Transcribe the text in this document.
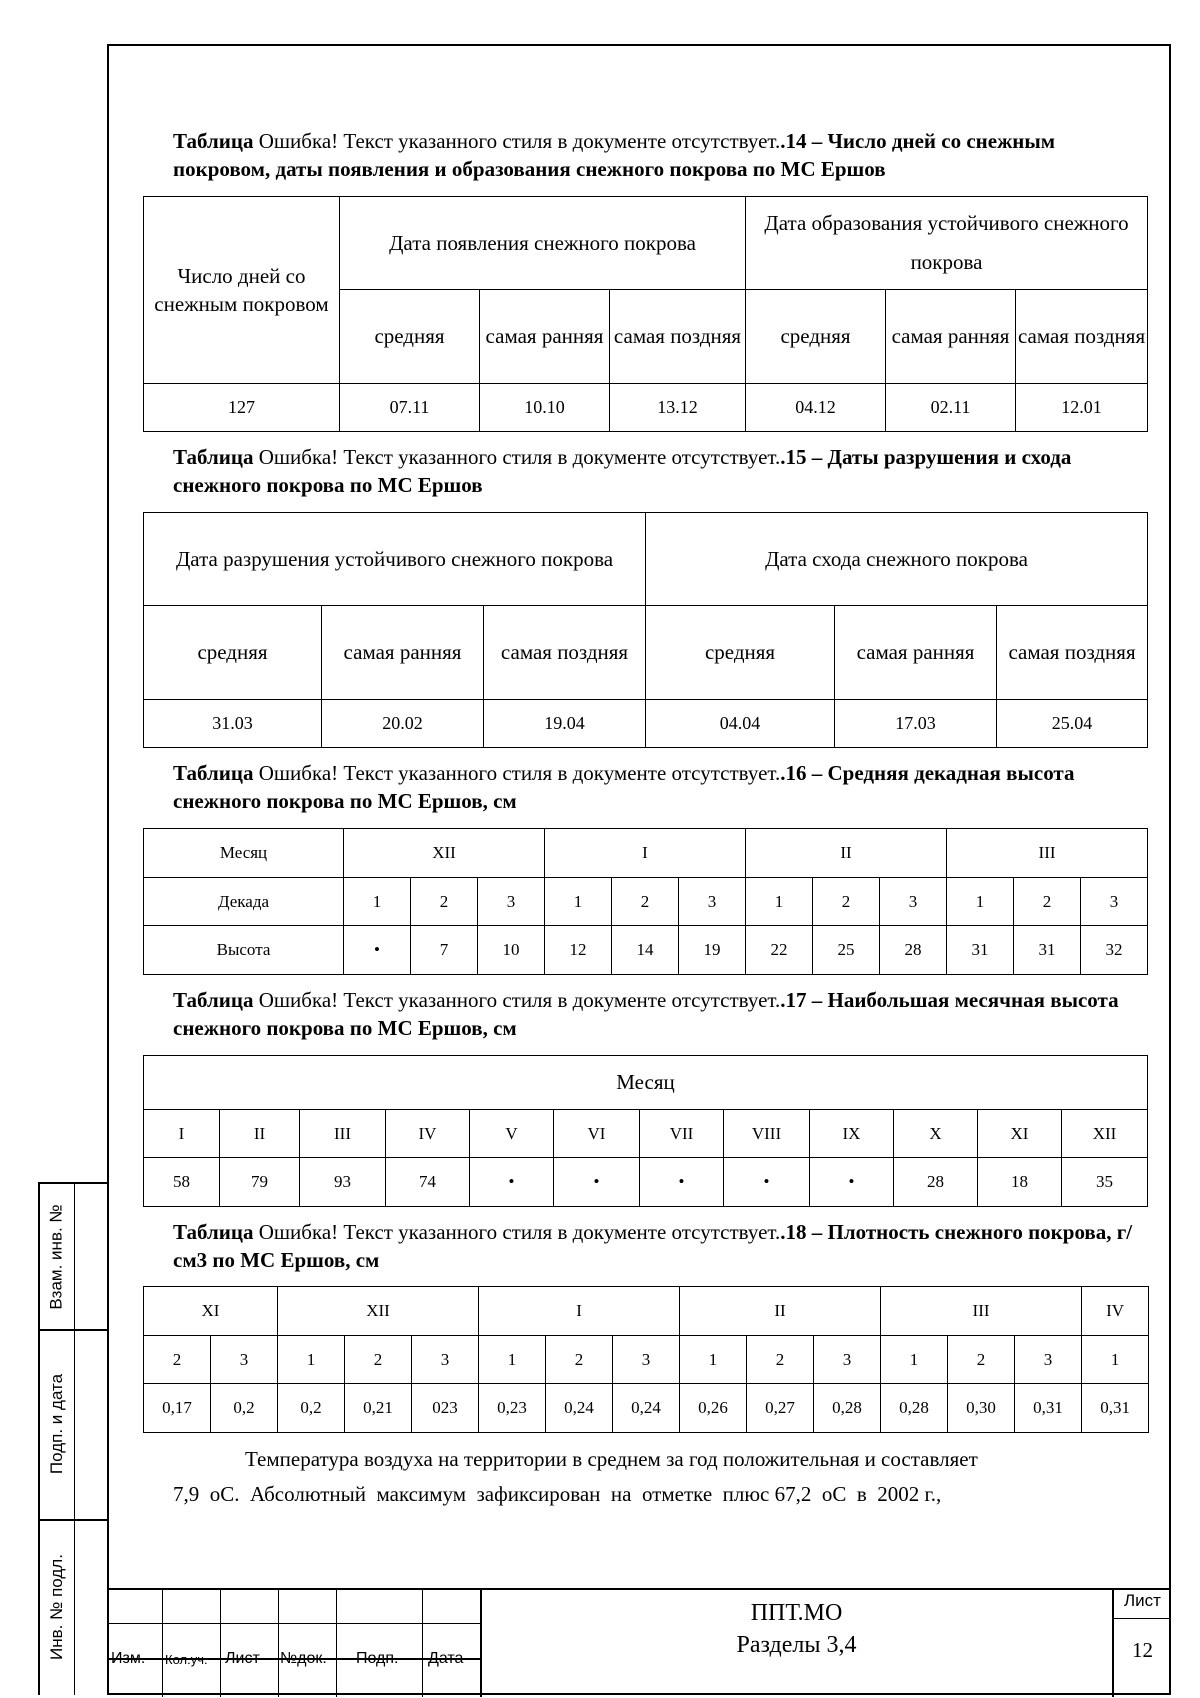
Таблица Ошибка! Текст указанного стиля в документе отсутствует..14 – Число дней со снежным покровом, даты появления и образования снежного покрова по МС Ершов
Число дней со снежным покровом	Дата появления снежного покрова			Дата образования устойчивого снежного покрова		
	средняя	самая ранняя	самая поздняя	средняя	самая ранняя	самая поздняя
127	07.11	10.10	13.12	04.12	02.11	12.01
Таблица Ошибка! Текст указанного стиля в документе отсутствует..15 – Даты разрушения и схода снежного покрова по МС Ершов
Дата разрушения устойчивого снежного покрова			Дата схода снежного покрова		
средняя	самая ранняя	самая поздняя	средняя	самая ранняя	самая поздняя
31.03	20.02	19.04	04.04	17.03	25.04
Таблица Ошибка! Текст указанного стиля в документе отсутствует..16 – Средняя декадная высота снежного покрова по МС Ершов, см
Месяц	XII			I			II			III		
Декада	1	2	3	1	2	3	1	2	3	1	2	3
Высота	•	7	10	12	14	19	22	25	28	31	31	32
Таблица Ошибка! Текст указанного стиля в документе отсутствует..17 – Наибольшая месячная высота снежного покрова по МС Ершов, см
Месяц											
I	II	III	IV	V	VI	VII	VIII	IX	X	XI	XII
58	79	93	74	•	•	•	•	•	28	18	35
Таблица Ошибка! Текст указанного стиля в документе отсутствует..18 – Плотность снежного покрова, г/см3 по МС Ершов, см
XI		XII			I			II			III			IV
2	3	1	2	3	1	2	3	1	2	3	1	2	3	1
0,17	0,2	0,2	0,21	023	0,23	0,24	0,24	0,26	0,27	0,28	0,28	0,30	0,31	0,31
Температура воздуха на территории в среднем за год положительная и составляет
7,9  оС.  Абсолютный  максимум  зафиксирован  на  отметке  плюс 67,2  оС  в  2002 г.,
Взам. инв. №
Подп. и дата
Инв. № подл.	Изм. Кол.уч. Лист №док. Подп. Дата
ППТ.МО
Разделы 3,4
Лист
12
